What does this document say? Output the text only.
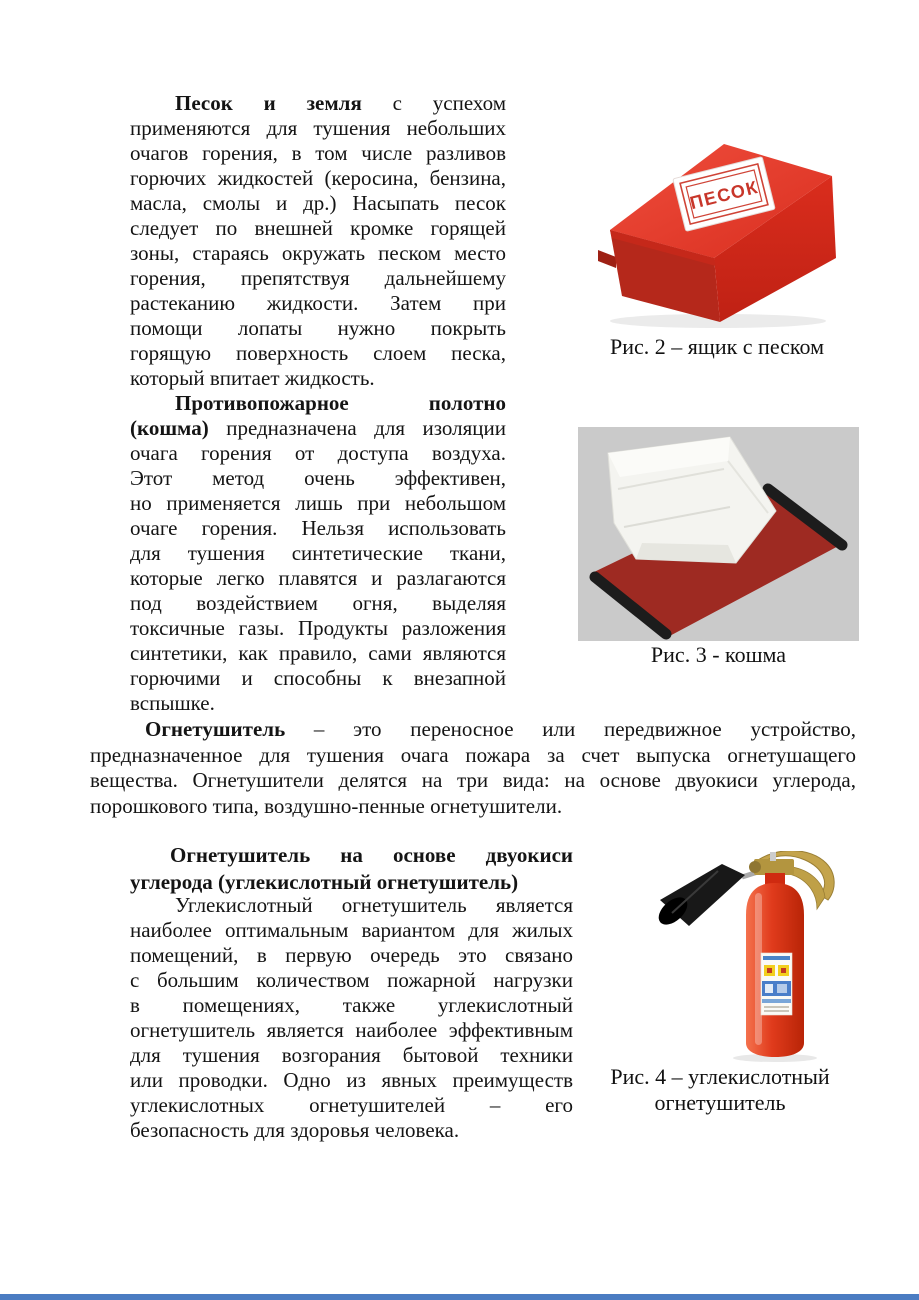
Песок и земля с успехом
применяются для тушения небольших
очагов горения, в том числе разливов
горючих жидкостей (керосина, бензина,
масла, смолы и др.) Насыпать песок
следует по внешней кромке горящей
зоны, стараясь окружать песком место
горения, препятствуя дальнейшему
растеканию жидкости. Затем при
помощи лопаты нужно покрыть
горящую поверхность слоем песка,
который впитает жидкость.
Противопожарное полотно
(кошма) предназначена для изоляции
очага горения от доступа воздуха.
Этот метод очень эффективен,
но применяется лишь при небольшом
очаге горения. Нельзя использовать
для тушения синтетические ткани,
которые легко плавятся и разлагаются
под воздействием огня, выделяя
токсичные газы. Продукты разложения
синтетики, как правило, сами являются
горючими и способны к внезапной
вспышке.
Огнетушитель – это переносное или передвижное устройство,
предназначенное для тушения очага пожара за счет выпуска огнетушащего
вещества. Огнетушители делятся на три вида: на основе двуокиси углерода,
порошкового типа, воздушно-пенные огнетушители.
Огнетушитель на основе двуокиси
углерода (углекислотный огнетушитель)
Углекислотный огнетушитель является
наиболее оптимальным вариантом для жилых
помещений, в первую очередь это связано
с большим количеством пожарной нагрузки
в помещениях, также углекислотный
огнетушитель является наиболее эффективным
для тушения возгорания бытовой техники
или проводки. Одно из явных преимуществ
углекислотных огнетушителей – его
безопасность для здоровья человека.
ПЕСОК
Рис. 2 – ящик с песком
Рис. 3 - кошма
Рис. 4 – углекислотный
огнетушитель
